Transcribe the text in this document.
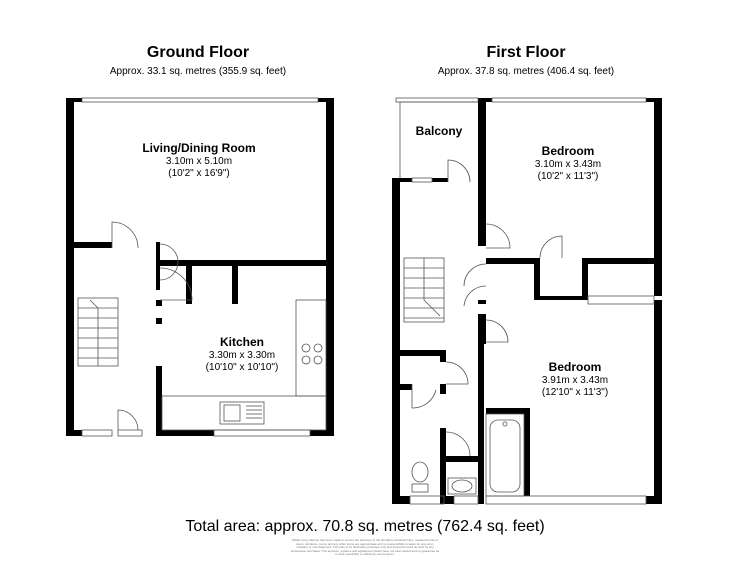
Ground Floor
Approx. 33.1 sq. metres (355.9 sq. feet)
First Floor
Approx. 37.8 sq. metres (406.4 sq. feet)
Living/Dining Room
3.10m x 5.10m
(10'2" x 16'9")
Kitchen
3.30m x 3.30m
(10'10" x 10'10")
Balcony
Bedroom
3.10m x 3.43m
(10'2" x 11'3")
Bedroom
3.91m x 3.43m
(12'10" x 11'3")
Total area: approx. 70.8 sq. metres (762.4 sq. feet)
Whilst every attempt has been made to ensure the accuracy of the floorplan contained here, measurements of doors, windows, rooms and any other items are approximate and no responsibility is taken for any error, omission or mis-statement. This plan is for illustrative purposes only and should be used as such by any prospective purchaser. The services, systems and appliances shown have not been tested and no guarantee as to their operability or efficiency can be given.
